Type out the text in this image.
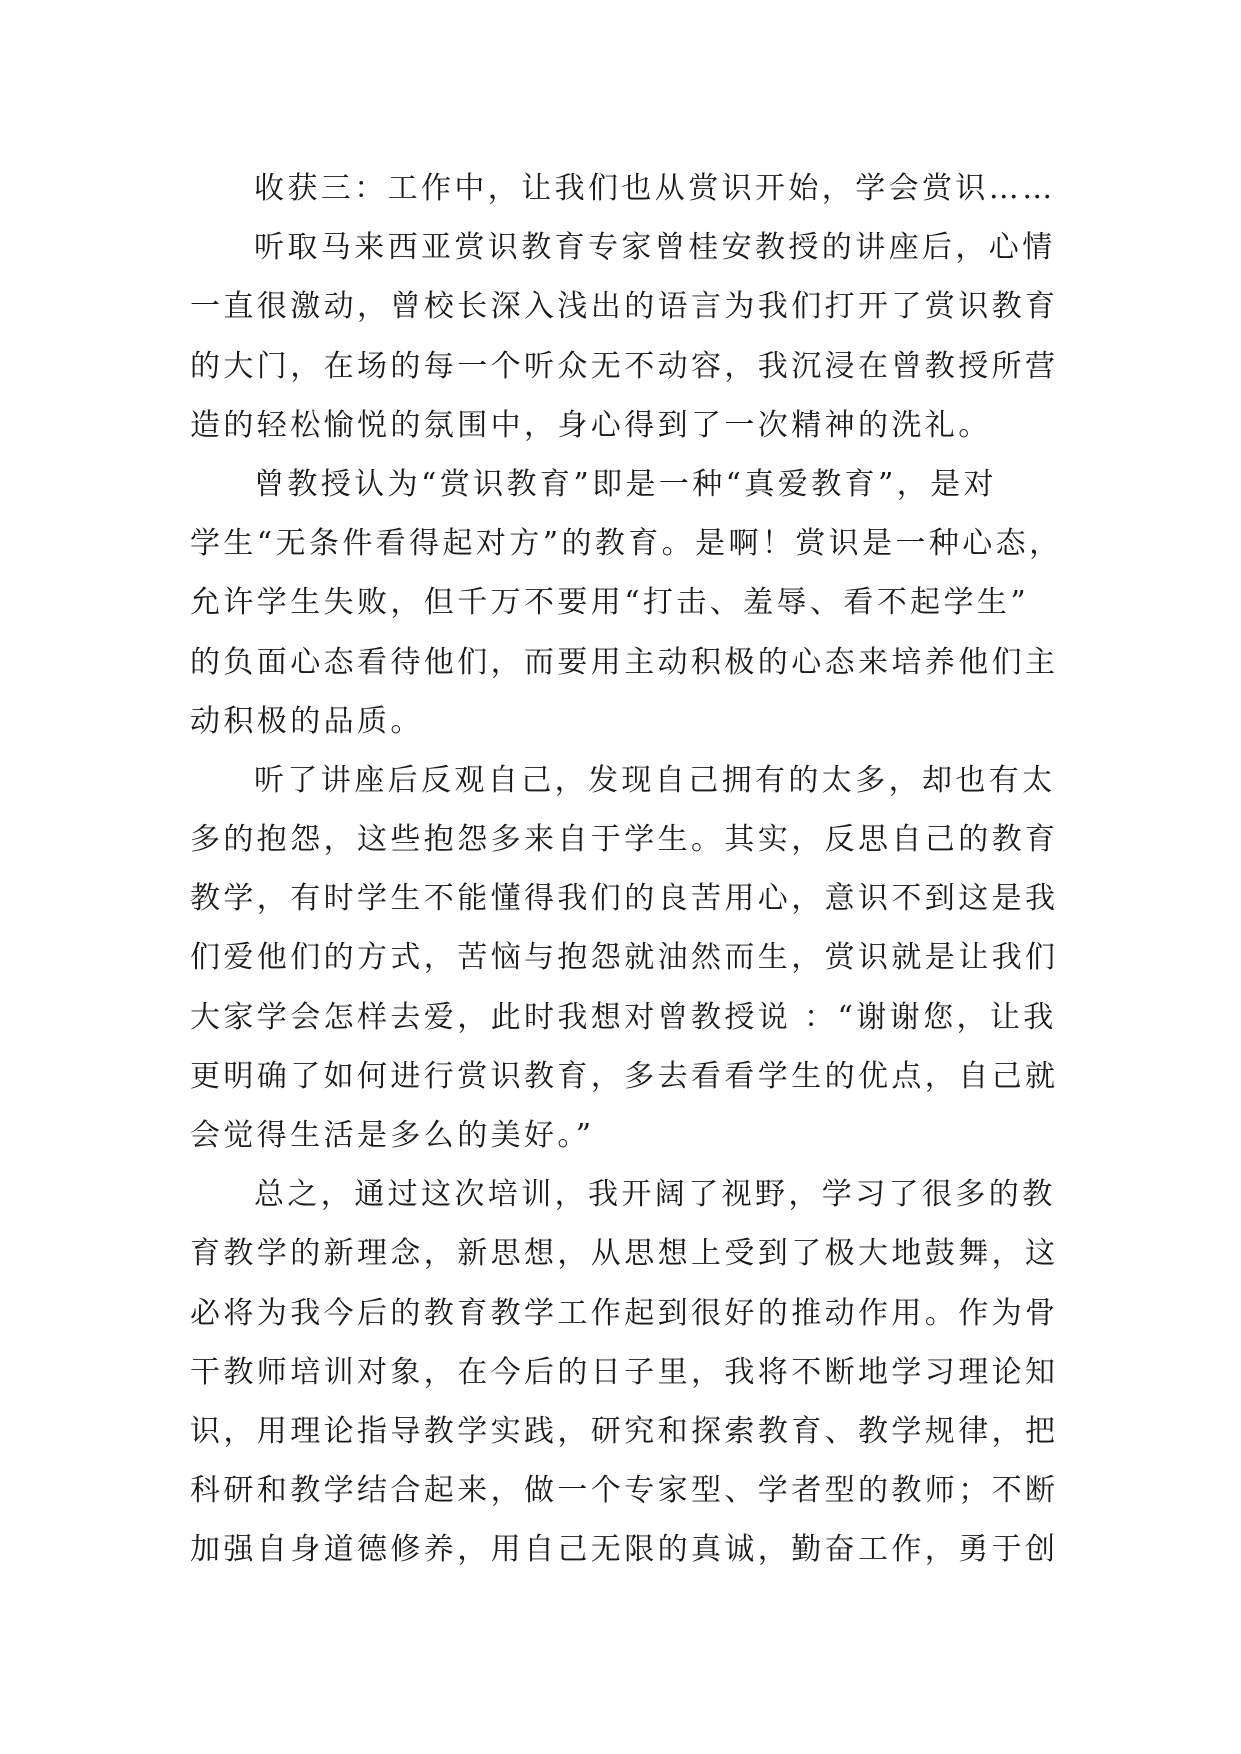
收获三：工作中，让我们也从赏识开始，学会赏识……
听取马来西亚赏识教育专家曾桂安教授的讲座后，心情
一直很激动，曾校长深入浅出的语言为我们打开了赏识教育
的大门，在场的每一个听众无不动容，我沉浸在曾教授所营
造的轻松愉悦的氛围中，身心得到了一次精神的洗礼。
曾教授认为“赏识教育”即是一种“真爱教育”，是对
学生“无条件看得起对方”的教育。是啊！赏识是一种心态，
允许学生失败，但千万不要用“打击、羞辱、看不起学生”
的负面心态看待他们，而要用主动积极的心态来培养他们主
动积极的品质。
听了讲座后反观自己，发现自己拥有的太多，却也有太
多的抱怨，这些抱怨多来自于学生。其实，反思自己的教育
教学，有时学生不能懂得我们的良苦用心，意识不到这是我
们爱他们的方式，苦恼与抱怨就油然而生，赏识就是让我们
大家学会怎样去爱，此时我想对曾教授说 ：“谢谢您，让我
更明确了如何进行赏识教育，多去看看学生的优点，自己就
会觉得生活是多么的美好。”
总之，通过这次培训，我开阔了视野，学习了很多的教
育教学的新理念，新思想，从思想上受到了极大地鼓舞，这
必将为我今后的教育教学工作起到很好的推动作用。作为骨
干教师培训对象，在今后的日子里，我将不断地学习理论知
识，用理论指导教学实践，研究和探索教育、教学规律，把
科研和教学结合起来，做一个专家型、学者型的教师；不断
加强自身道德修养，用自己无限的真诚，勤奋工作，勇于创
